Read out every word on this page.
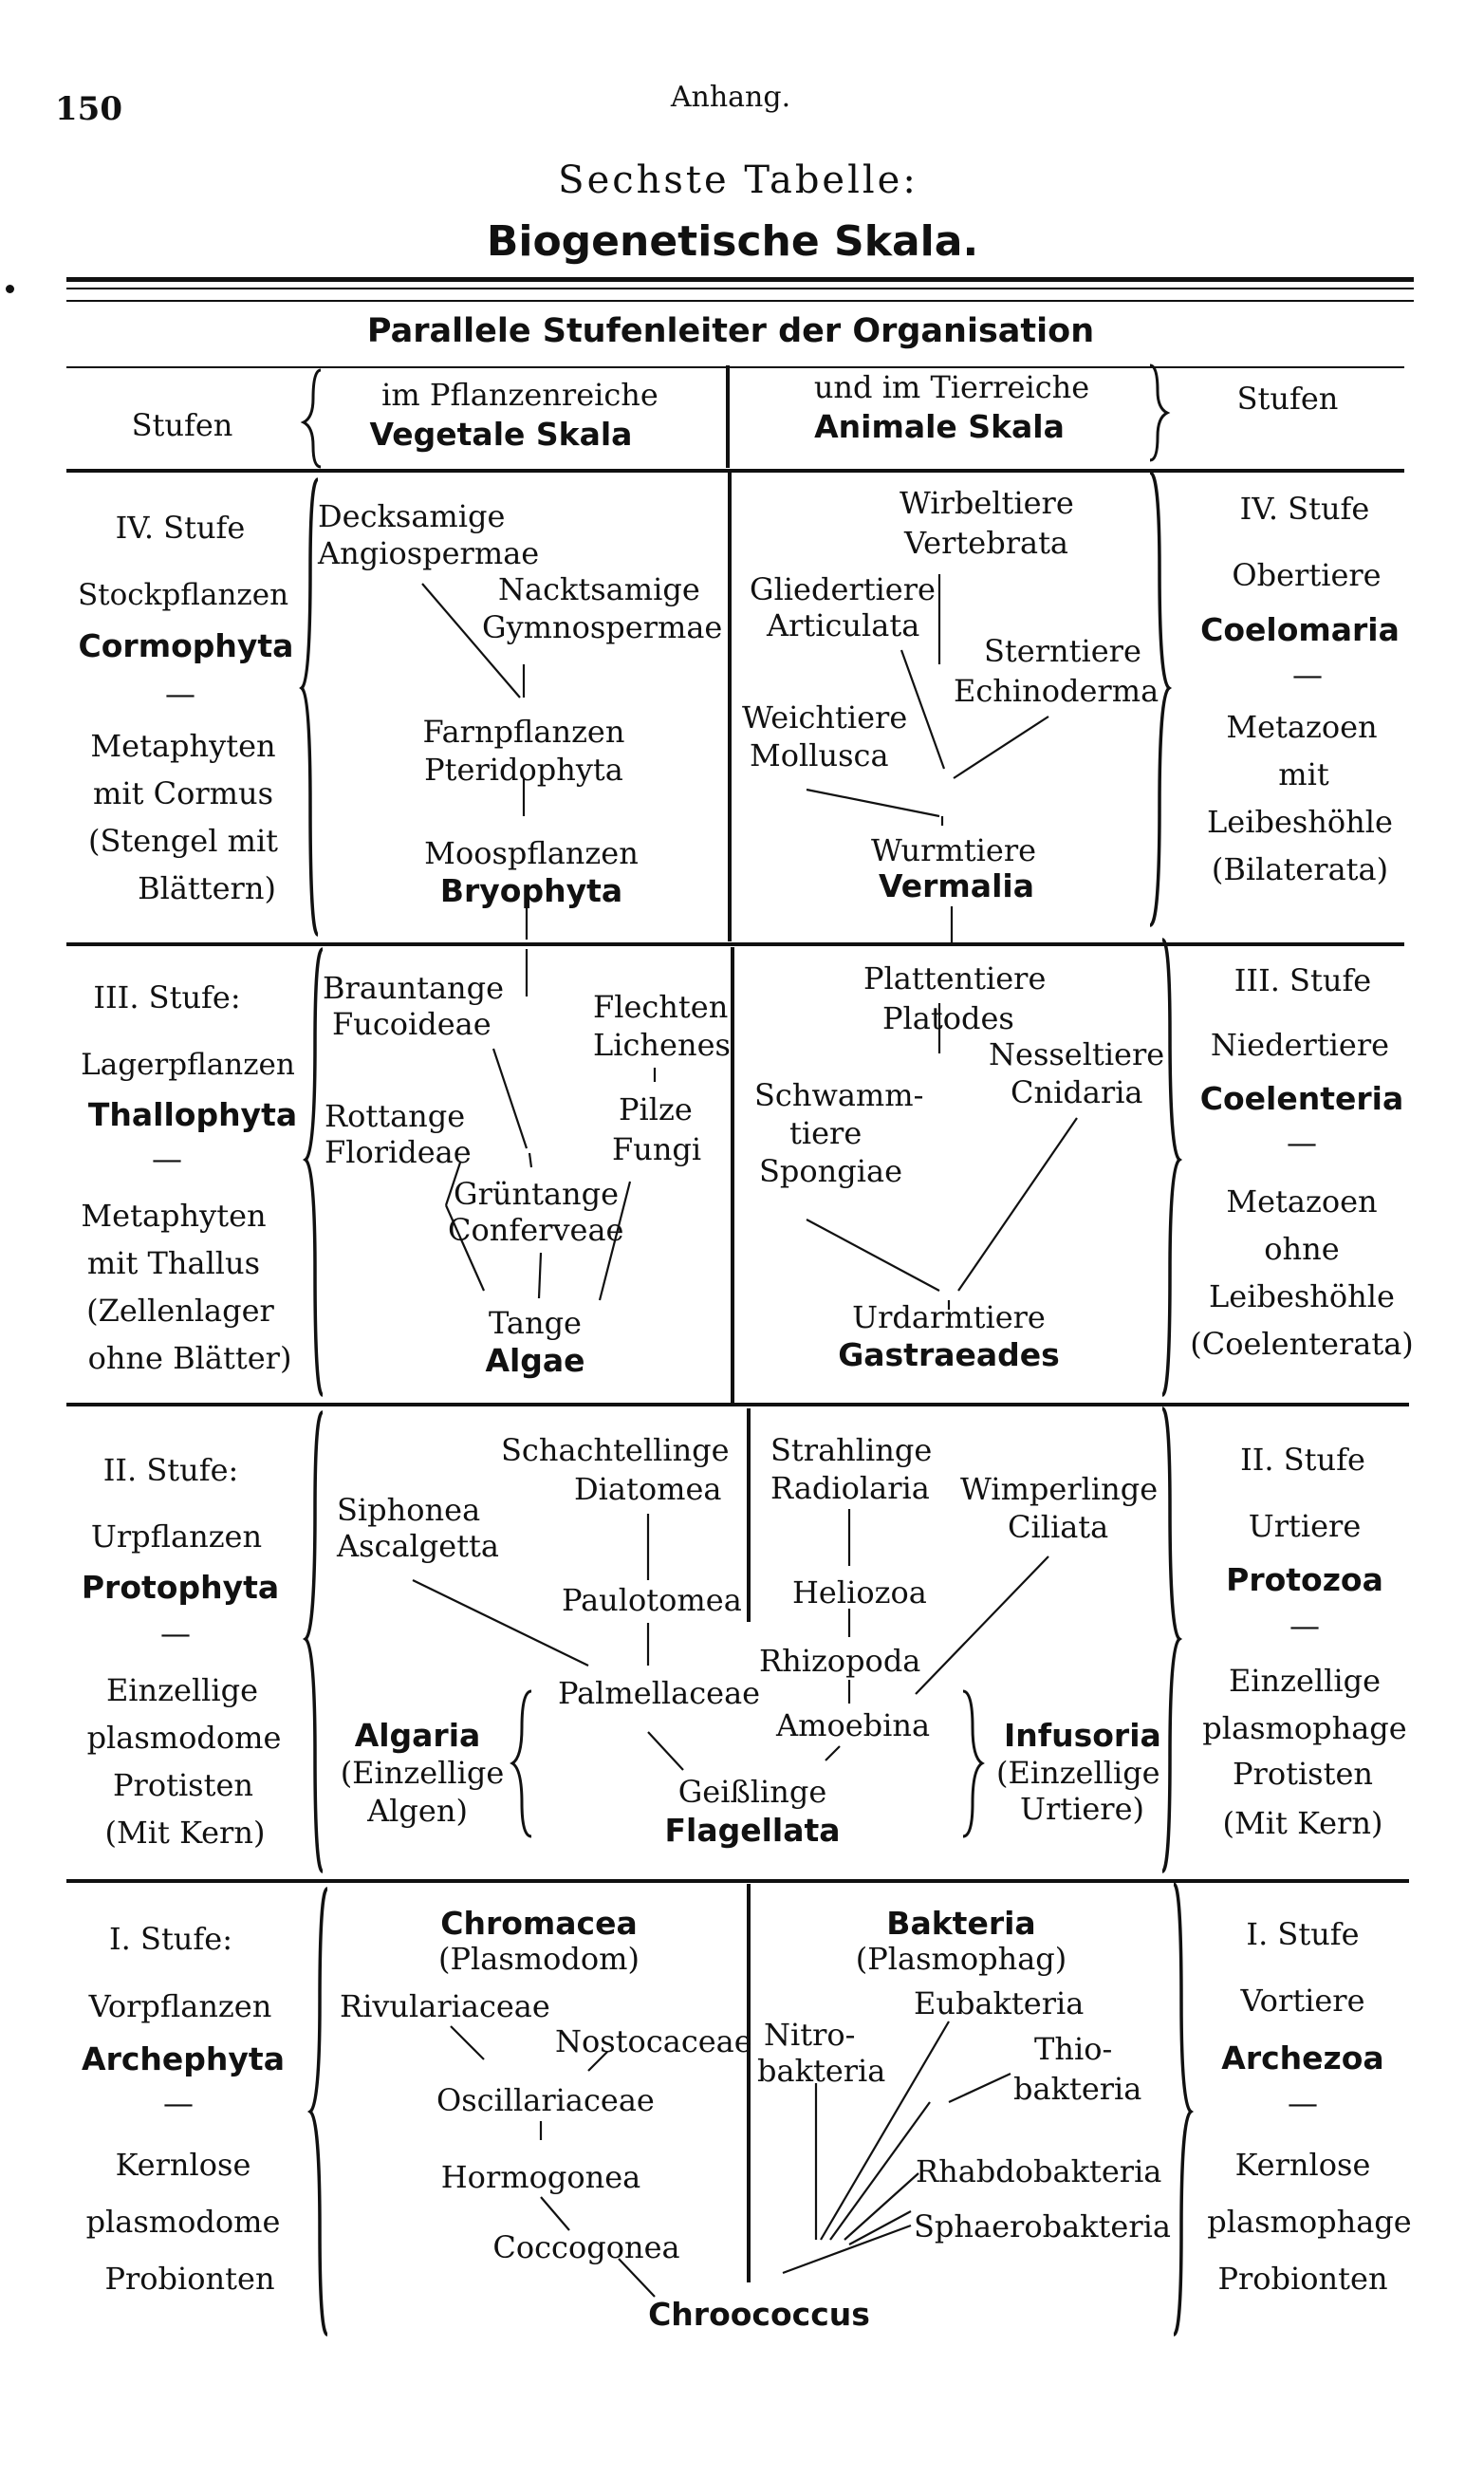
150	Anhang.
Sechste Tabelle:
Biogenetische Skala.
Parallele Stufenleiter der Organisation
Stufen
Stufen
im Pflanzenreiche
Vegetale Skala
und im Tierreiche
Animale Skala
IV. Stufe
Stockpflanzen
Cormophyta
—
Metaphyten
mit Cormus
(Stengel mit
Blättern)
Decksamige
Angiospermae
Nacktsamige
Gymnospermae
Farnpflanzen
Pteridophyta
Moospflanzen
Bryophyta
Wirbeltiere
Vertebrata
Gliedertiere
Articulata
Sterntiere
Echinoderma
Weichtiere
Mollusca
Wurmtiere
Vermalia
IV. Stufe
Obertiere
Coelomaria
—
Metazoen
mit
Leibeshöhle
(Bilaterata)
III. Stufe:
Lagerpflanzen
Thallophyta
—
Metaphyten
mit Thallus
(Zellenlager
ohne Blätter)
Brauntange
Fucoideae	Flechten
Lichenes
Rottange
Florideae
Pilze
Fungi
Grüntange
Conferveae
Tange
Algae
Plattentiere
Platodes
Nesseltiere
Cnidaria
Schwamm-
tiere
Spongiae
Urdarmtiere
Gastraeades
III. Stufe
Niedertiere
Coelenteria
—
Metazoen
ohne
Leibeshöhle
(Coelenterata)
II. Stufe:
Urpflanzen
Protophyta
—
Einzellige
plasmodome
Protisten
(Mit Kern)
Schachtellinge
Diatomea
Siphonea
Ascalgetta
Paulotomea
Palmellaceae
Algaria
(Einzellige
Algen)
Geißlinge
Flagellata
Strahlinge
Radiolaria Wimperlinge
Ciliata
Heliozoa
Rhizopoda
Amoebina Infusoria
(Einzellige
Urtiere)
II. Stufe
Urtiere
Protozoa
—
Einzellige
plasmophage
Protisten
(Mit Kern)
I. Stufe:
Vorpflanzen
Archephyta
—
Kernlose
plasmodome
Probionten
Chromacea
(Plasmodom)
Rivulariaceae
Nostocaceae
Oscillariaceae
Hormogonea
Coccogonea
Bakteria
(Plasmophag)
Eubakteria
Nitro-
bakteria
Thio-
bakteria
Rhabdobakteria
Sphaerobakteria
Chroococcus
I. Stufe
Vortiere
Archezoa
—
Kernlose
plasmophage
Probionten
